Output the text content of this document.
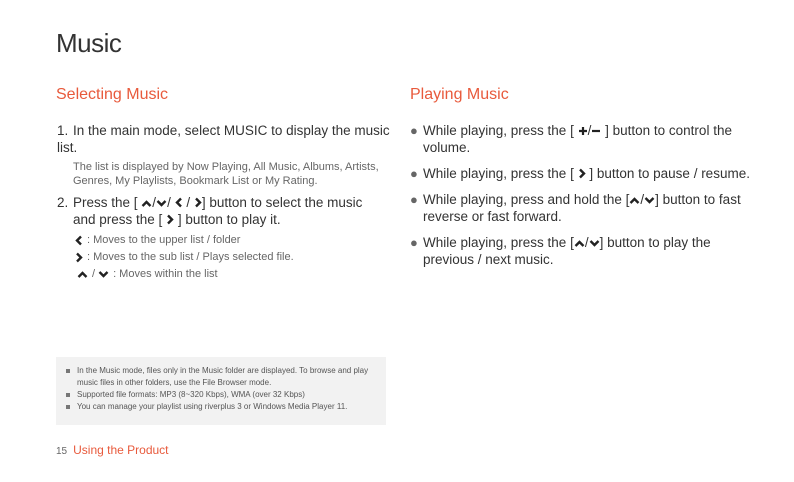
Music
Selecting Music	Playing Music
1. In the main mode, select MUSIC to display the music list.
The list is displayed by Now Playing, All Music, Albums, Artists, Genres, My Playlists, Bookmark List or My Rating.
2. Press the [ / /  / ] button to select the music
and press the [ ] button to play it.
: Moves to the upper list / folder
: Moves to the sub list / Plays selected file.
/ : Moves within the list
● While playing, press the [ / ] button to control the volume.
● While playing, press the [ ] button to pause / resume.
● While playing, press and hold the [ / ] button to fast reverse or fast forward.
● While playing, press the [ / ] button to play the previous / next music.
In the Music mode, files only in the Music folder are displayed. To browse and play music files in other folders, use the File Browser mode.
Supported file formats: MP3 (8~320 Kbps), WMA (over 32 Kbps)
You can manage your playlist using riverplus 3 or Windows Media Player 11.
15 Using the Product
